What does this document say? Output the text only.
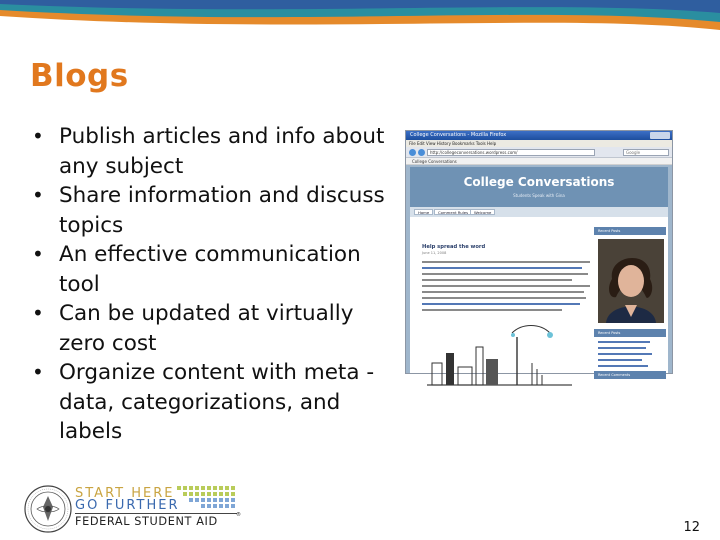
Blogs
• Publish articles and info about any subject
• Share information and discuss topics
• An effective communication tool
• Can be updated at virtually zero cost
• Organize content with meta -data, categorizations, and labels
College Conversations - Mozilla Firefox
File Edit View History Bookmarks Tools Help
http://collegeconversations.wordpress.com/	Google
College Conversations
College Conversations
Students Speak with Gina
Home	Comment Rules	Welcome
Help spread the word
June 11, 2008
Recent Posts
Recent Posts
Recent Comments
START HERE
GO FURTHER
FEDERAL STUDENT AID	®
12
